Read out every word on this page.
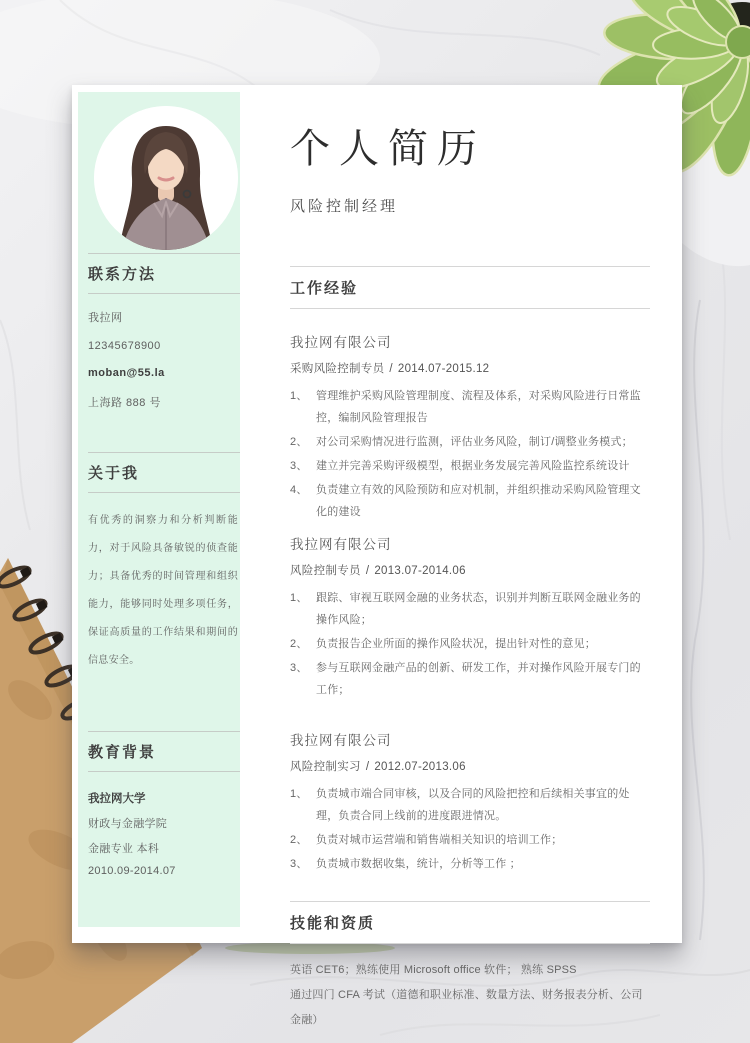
联系方法
我拉网
12345678900
moban@55.la
上海路 888 号
关于我
有优秀的洞察力和分析判断能力，对于风险具备敏锐的侦查能力；具备优秀的时间管理和组织能力，能够同时处理多项任务，保证高质量的工作结果和期间的信息安全。
教育背景
我拉网大学
财政与金融学院
金融专业 本科
2010.09-2014.07
个人简历
风险控制经理
工作经验
我拉网有限公司
采购风险控制专员 / 2014.07-2015.12
管理维护采购风险管理制度、流程及体系，对采购风险进行日常监控，编制风险管理报告
对公司采购情况进行监测，评估业务风险，制订/调整业务模式；
建立并完善采购评级模型，根据业务发展完善风险监控系统设计
负责建立有效的风险预防和应对机制，并组织推动采购风险管理文化的建设
我拉网有限公司
风险控制专员 / 2013.07-2014.06
跟踪、审视互联网金融的业务状态，识别并判断互联网金融业务的操作风险；
负责报告企业所面的操作风险状况，提出针对性的意见；
参与互联网金融产品的创新、研发工作，并对操作风险开展专门的工作；
我拉网有限公司
风险控制实习 / 2012.07-2013.06
负责城市端合同审核，以及合同的风险把控和后续相关事宜的处理，负责合同上线前的进度跟进情况。
负责对城市运营端和销售端相关知识的培训工作；
负责城市数据收集，统计，分析等工作 ；
技能和资质
英语 CET6；熟练使用 Microsoft office 软件； 熟练 SPSS
通过四门 CFA 考试（道德和职业标准、数量方法、财务报表分析、公司金融）
